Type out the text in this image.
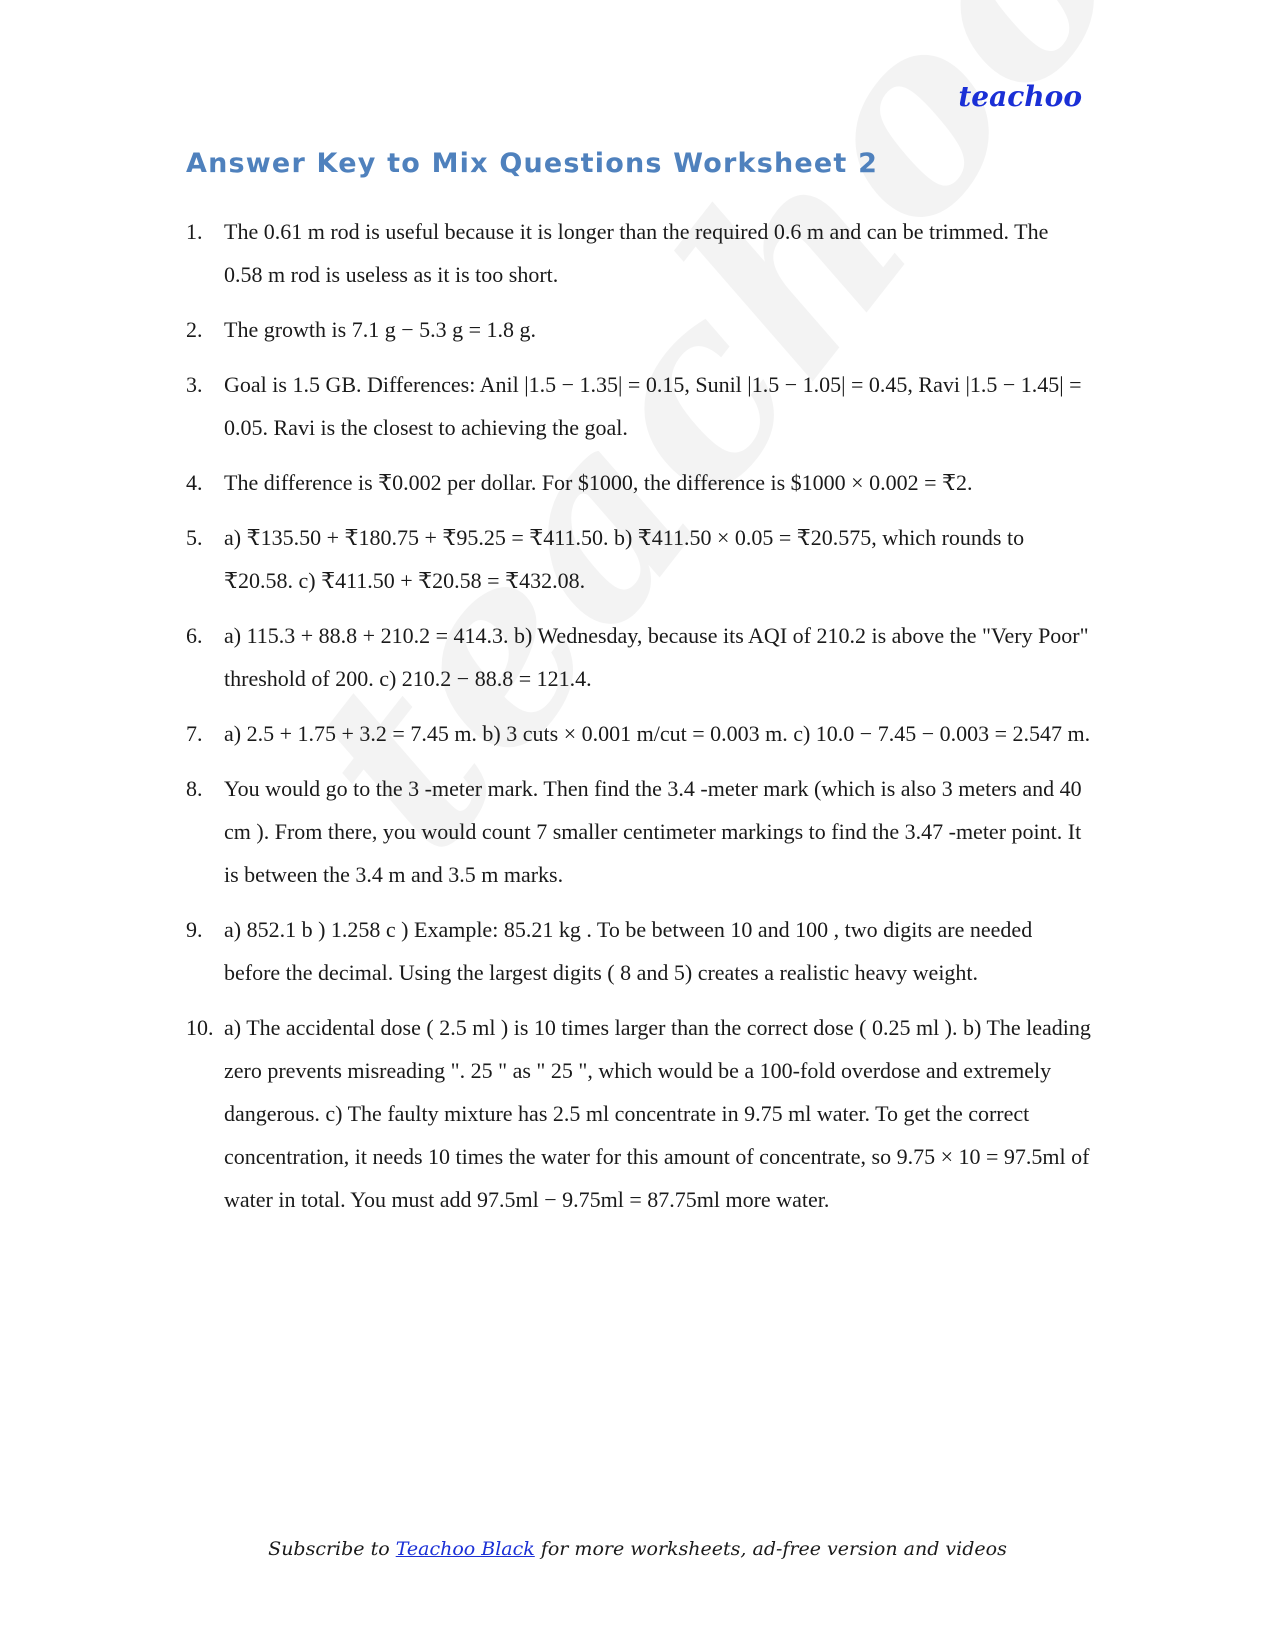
teachoo
Answer Key to Mix Questions Worksheet 2
1. The 0.61 m rod is useful because it is longer than the required 0.6 m and can be trimmed. The 0.58 m rod is useless as it is too short.
2. The growth is 7.1 g − 5.3 g = 1.8 g.
3. Goal is 1.5 GB. Differences: Anil |1.5 − 1.35| = 0.15, Sunil |1.5 − 1.05| = 0.45, Ravi |1.5 − 1.45| = 0.05. Ravi is the closest to achieving the goal.
4. The difference is ₹0.002 per dollar. For $1000, the difference is $1000 × 0.002 = ₹2.
5. a) ₹135.50 + ₹180.75 + ₹95.25 = ₹411.50. b) ₹411.50 × 0.05 = ₹20.575, which rounds to ₹20.58. c) ₹411.50 + ₹20.58 = ₹432.08.
6. a) 115.3 + 88.8 + 210.2 = 414.3. b) Wednesday, because its AQI of 210.2 is above the "Very Poor" threshold of 200. c) 210.2 − 88.8 = 121.4.
7. a) 2.5 + 1.75 + 3.2 = 7.45 m. b) 3 cuts × 0.001 m/cut = 0.003 m. c) 10.0 − 7.45 − 0.003 = 2.547 m.
8. You would go to the 3 -meter mark. Then find the 3.4 -meter mark (which is also 3 meters and 40 cm ). From there, you would count 7 smaller centimeter markings to find the 3.47 -meter point. It is between the 3.4 m and 3.5 m marks.
9. a) 852.1 b ) 1.258 c ) Example: 85.21 kg . To be between 10 and 100 , two digits are needed before the decimal. Using the largest digits ( 8 and 5) creates a realistic heavy weight.
10. a) The accidental dose ( 2.5 ml ) is 10 times larger than the correct dose ( 0.25 ml ). b) The leading zero prevents misreading ". 25 " as " 25 ", which would be a 100-fold overdose and extremely dangerous. c) The faulty mixture has 2.5 ml concentrate in 9.75 ml water. To get the correct concentration, it needs 10 times the water for this amount of concentrate, so 9.75 × 10 = 97.5ml of water in total. You must add 97.5ml − 9.75ml = 87.75ml more water.
Subscribe to Teachoo Black for more worksheets, ad-free version and videos
